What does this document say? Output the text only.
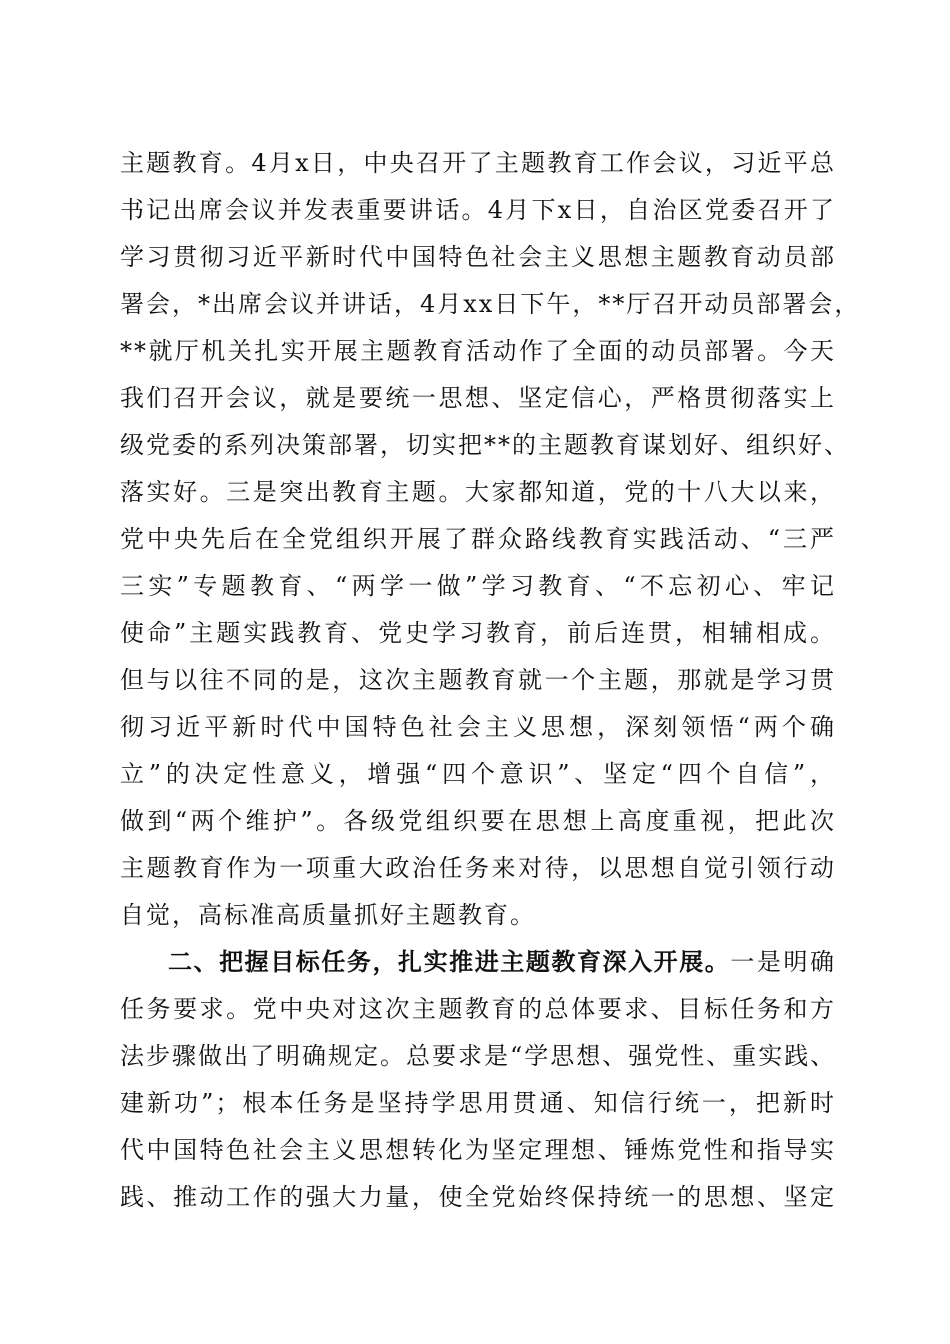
主题教育。4月x日，中央召开了主题教育工作会议，习近平总
书记出席会议并发表重要讲话。4月下x日，自治区党委召开了
学习贯彻习近平新时代中国特色社会主义思想主题教育动员部
署会，*出席会议并讲话，4月xx日下午，**厅召开动员部署会，
**就厅机关扎实开展主题教育活动作了全面的动员部署。今天
我们召开会议，就是要统一思想、坚定信心，严格贯彻落实上
级党委的系列决策部署，切实把**的主题教育谋划好、组织好、
落实好。三是突出教育主题。大家都知道，党的十八大以来，
党中央先后在全党组织开展了群众路线教育实践活动、“三严
三实”专题教育、“两学一做”学习教育、“不忘初心、牢记
使命”主题实践教育、党史学习教育，前后连贯，相辅相成。
但与以往不同的是，这次主题教育就一个主题，那就是学习贯
彻习近平新时代中国特色社会主义思想，深刻领悟“两个确
立”的决定性意义，增强“四个意识”、坚定“四个自信”，
做到“两个维护”。各级党组织要在思想上高度重视，把此次
主题教育作为一项重大政治任务来对待，以思想自觉引领行动
自觉，高标准高质量抓好主题教育。
二、把握目标任务，扎实推进主题教育深入开展。一是明确
任务要求。党中央对这次主题教育的总体要求、目标任务和方
法步骤做出了明确规定。总要求是“学思想、强党性、重实践、
建新功”；根本任务是坚持学思用贯通、知信行统一，把新时
代中国特色社会主义思想转化为坚定理想、锤炼党性和指导实
践、推动工作的强大力量，使全党始终保持统一的思想、坚定
